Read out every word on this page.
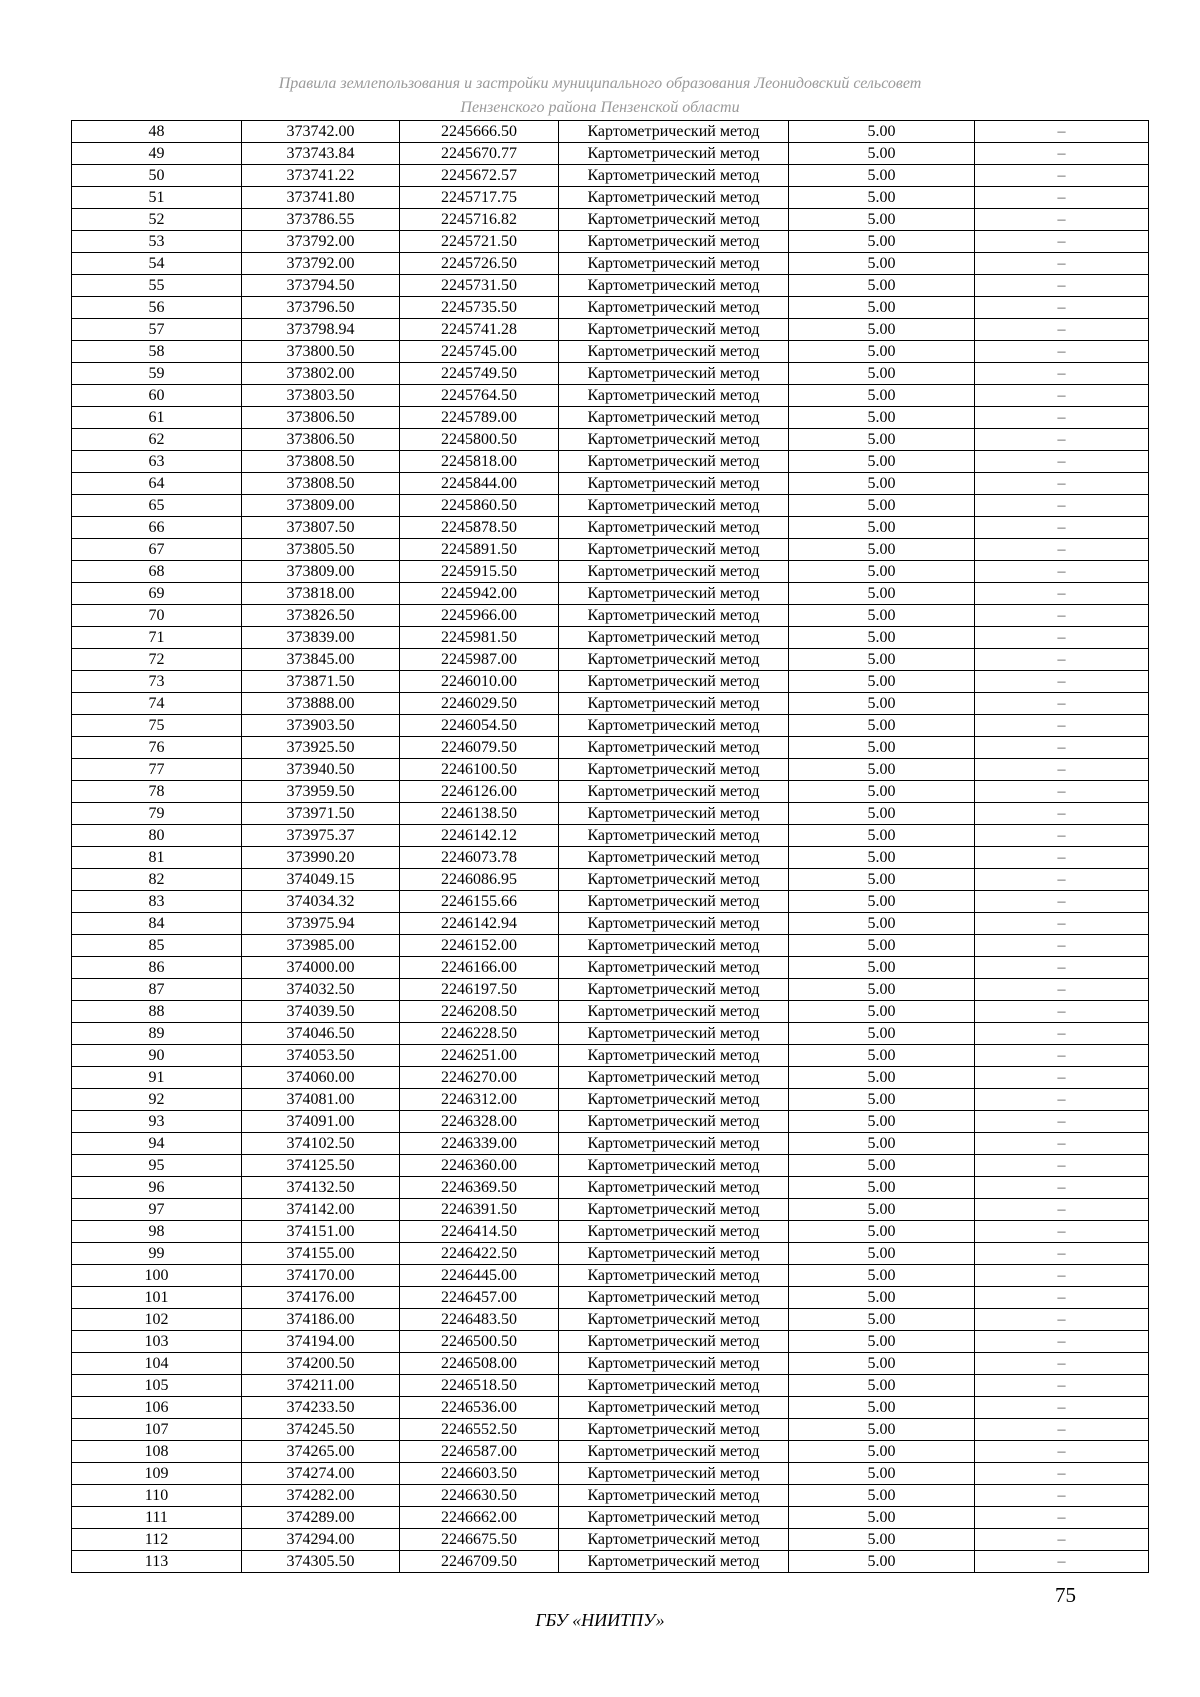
Правила землепользования и застройки муниципального образования Леонидовский сельсовет
Пензенского района Пензенской области
48	373742.00	2245666.50	Картометрический метод	5.00	–
49	373743.84	2245670.77	Картометрический метод	5.00	–
50	373741.22	2245672.57	Картометрический метод	5.00	–
51	373741.80	2245717.75	Картометрический метод	5.00	–
52	373786.55	2245716.82	Картометрический метод	5.00	–
53	373792.00	2245721.50	Картометрический метод	5.00	–
54	373792.00	2245726.50	Картометрический метод	5.00	–
55	373794.50	2245731.50	Картометрический метод	5.00	–
56	373796.50	2245735.50	Картометрический метод	5.00	–
57	373798.94	2245741.28	Картометрический метод	5.00	–
58	373800.50	2245745.00	Картометрический метод	5.00	–
59	373802.00	2245749.50	Картометрический метод	5.00	–
60	373803.50	2245764.50	Картометрический метод	5.00	–
61	373806.50	2245789.00	Картометрический метод	5.00	–
62	373806.50	2245800.50	Картометрический метод	5.00	–
63	373808.50	2245818.00	Картометрический метод	5.00	–
64	373808.50	2245844.00	Картометрический метод	5.00	–
65	373809.00	2245860.50	Картометрический метод	5.00	–
66	373807.50	2245878.50	Картометрический метод	5.00	–
67	373805.50	2245891.50	Картометрический метод	5.00	–
68	373809.00	2245915.50	Картометрический метод	5.00	–
69	373818.00	2245942.00	Картометрический метод	5.00	–
70	373826.50	2245966.00	Картометрический метод	5.00	–
71	373839.00	2245981.50	Картометрический метод	5.00	–
72	373845.00	2245987.00	Картометрический метод	5.00	–
73	373871.50	2246010.00	Картометрический метод	5.00	–
74	373888.00	2246029.50	Картометрический метод	5.00	–
75	373903.50	2246054.50	Картометрический метод	5.00	–
76	373925.50	2246079.50	Картометрический метод	5.00	–
77	373940.50	2246100.50	Картометрический метод	5.00	–
78	373959.50	2246126.00	Картометрический метод	5.00	–
79	373971.50	2246138.50	Картометрический метод	5.00	–
80	373975.37	2246142.12	Картометрический метод	5.00	–
81	373990.20	2246073.78	Картометрический метод	5.00	–
82	374049.15	2246086.95	Картометрический метод	5.00	–
83	374034.32	2246155.66	Картометрический метод	5.00	–
84	373975.94	2246142.94	Картометрический метод	5.00	–
85	373985.00	2246152.00	Картометрический метод	5.00	–
86	374000.00	2246166.00	Картометрический метод	5.00	–
87	374032.50	2246197.50	Картометрический метод	5.00	–
88	374039.50	2246208.50	Картометрический метод	5.00	–
89	374046.50	2246228.50	Картометрический метод	5.00	–
90	374053.50	2246251.00	Картометрический метод	5.00	–
91	374060.00	2246270.00	Картометрический метод	5.00	–
92	374081.00	2246312.00	Картометрический метод	5.00	–
93	374091.00	2246328.00	Картометрический метод	5.00	–
94	374102.50	2246339.00	Картометрический метод	5.00	–
95	374125.50	2246360.00	Картометрический метод	5.00	–
96	374132.50	2246369.50	Картометрический метод	5.00	–
97	374142.00	2246391.50	Картометрический метод	5.00	–
98	374151.00	2246414.50	Картометрический метод	5.00	–
99	374155.00	2246422.50	Картометрический метод	5.00	–
100	374170.00	2246445.00	Картометрический метод	5.00	–
101	374176.00	2246457.00	Картометрический метод	5.00	–
102	374186.00	2246483.50	Картометрический метод	5.00	–
103	374194.00	2246500.50	Картометрический метод	5.00	–
104	374200.50	2246508.00	Картометрический метод	5.00	–
105	374211.00	2246518.50	Картометрический метод	5.00	–
106	374233.50	2246536.00	Картометрический метод	5.00	–
107	374245.50	2246552.50	Картометрический метод	5.00	–
108	374265.00	2246587.00	Картометрический метод	5.00	–
109	374274.00	2246603.50	Картометрический метод	5.00	–
110	374282.00	2246630.50	Картометрический метод	5.00	–
111	374289.00	2246662.00	Картометрический метод	5.00	–
112	374294.00	2246675.50	Картометрический метод	5.00	–
113	374305.50	2246709.50	Картометрический метод	5.00	–
75
ГБУ «НИИТПУ»
